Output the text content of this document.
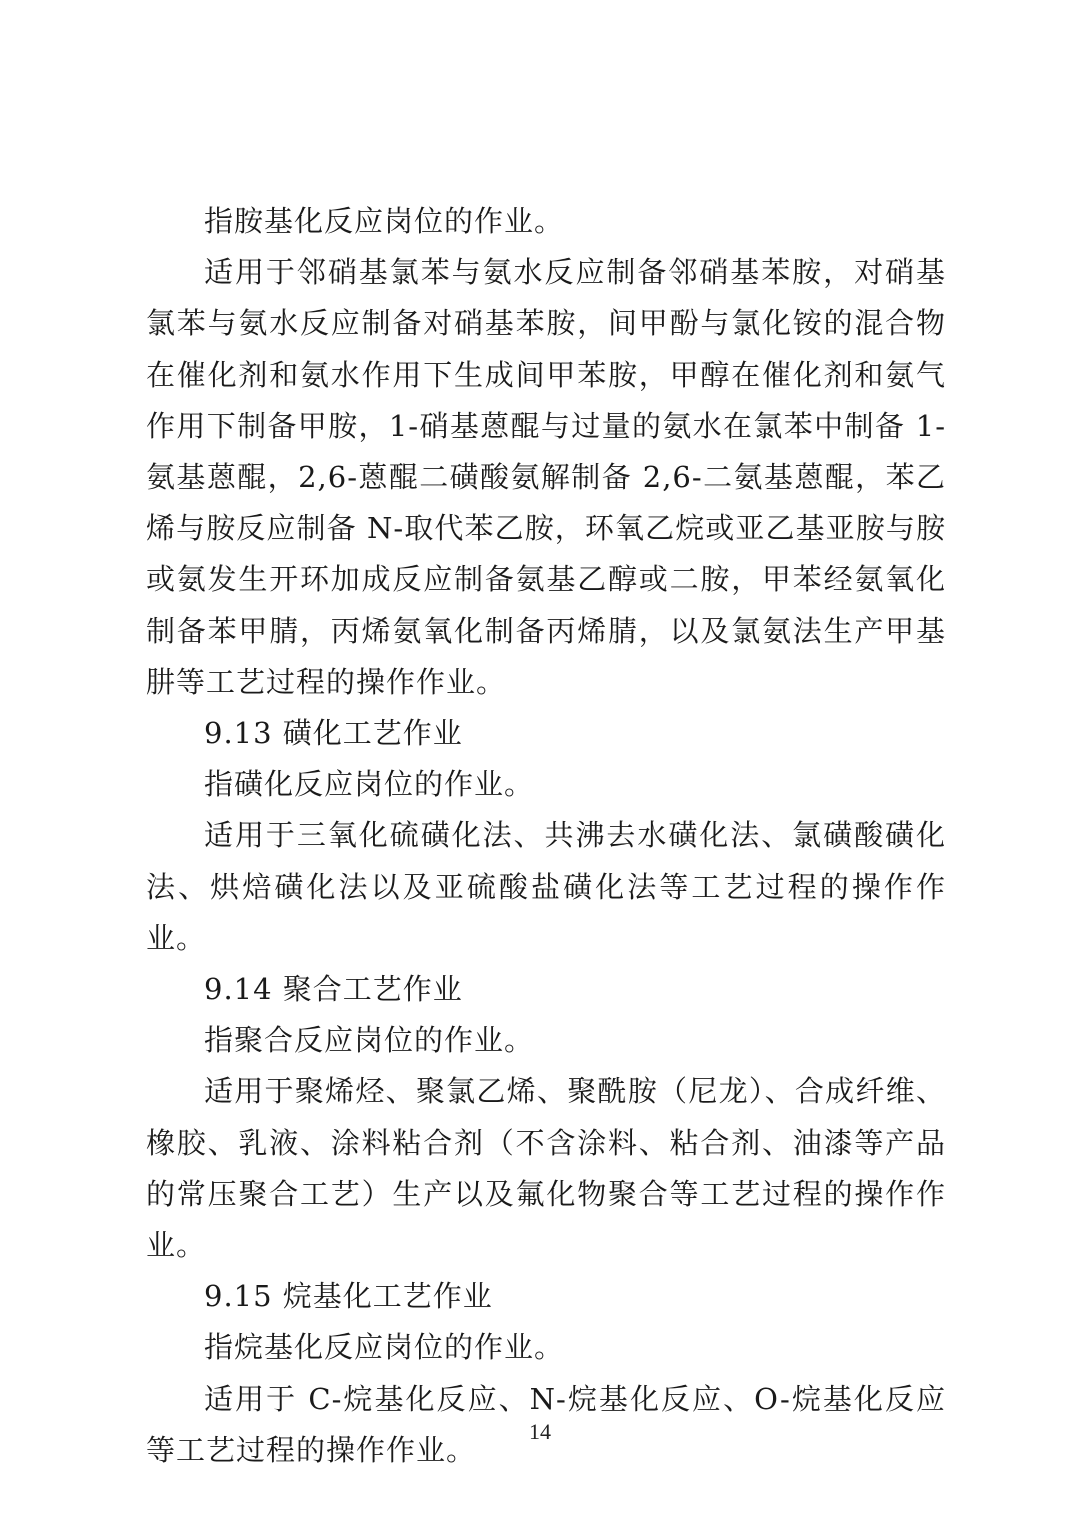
指胺基化反应岗位的作业。

适用于邻硝基氯苯与氨水反应制备邻硝基苯胺，对硝基氯苯与氨水反应制备对硝基苯胺，间甲酚与氯化铵的混合物在催化剂和氨水作用下生成间甲苯胺，甲醇在催化剂和氨气作用下制备甲胺，1-硝基蒽醌与过量的氨水在氯苯中制备 1-氨基蒽醌，2,6-蒽醌二磺酸氨解制备 2,6-二氨基蒽醌，苯乙烯与胺反应制备 N-取代苯乙胺，环氧乙烷或亚乙基亚胺与胺或氨发生开环加成反应制备氨基乙醇或二胺，甲苯经氨氧化制备苯甲腈，丙烯氨氧化制备丙烯腈，以及氯氨法生产甲基肼等工艺过程的操作作业。

9.13 磺化工艺作业

指磺化反应岗位的作业。

适用于三氧化硫磺化法、共沸去水磺化法、氯磺酸磺化法、烘焙磺化法以及亚硫酸盐磺化法等工艺过程的操作作业。

9.14 聚合工艺作业

指聚合反应岗位的作业。

适用于聚烯烃、聚氯乙烯、聚酰胺（尼龙）、合成纤维、橡胶、乳液、涂料粘合剂（不含涂料、粘合剂、油漆等产品的常压聚合工艺）生产以及氟化物聚合等工艺过程的操作作业。

9.15 烷基化工艺作业

指烷基化反应岗位的作业。

适用于 C-烷基化反应、N-烷基化反应、O-烷基化反应等工艺过程的操作作业。

14
